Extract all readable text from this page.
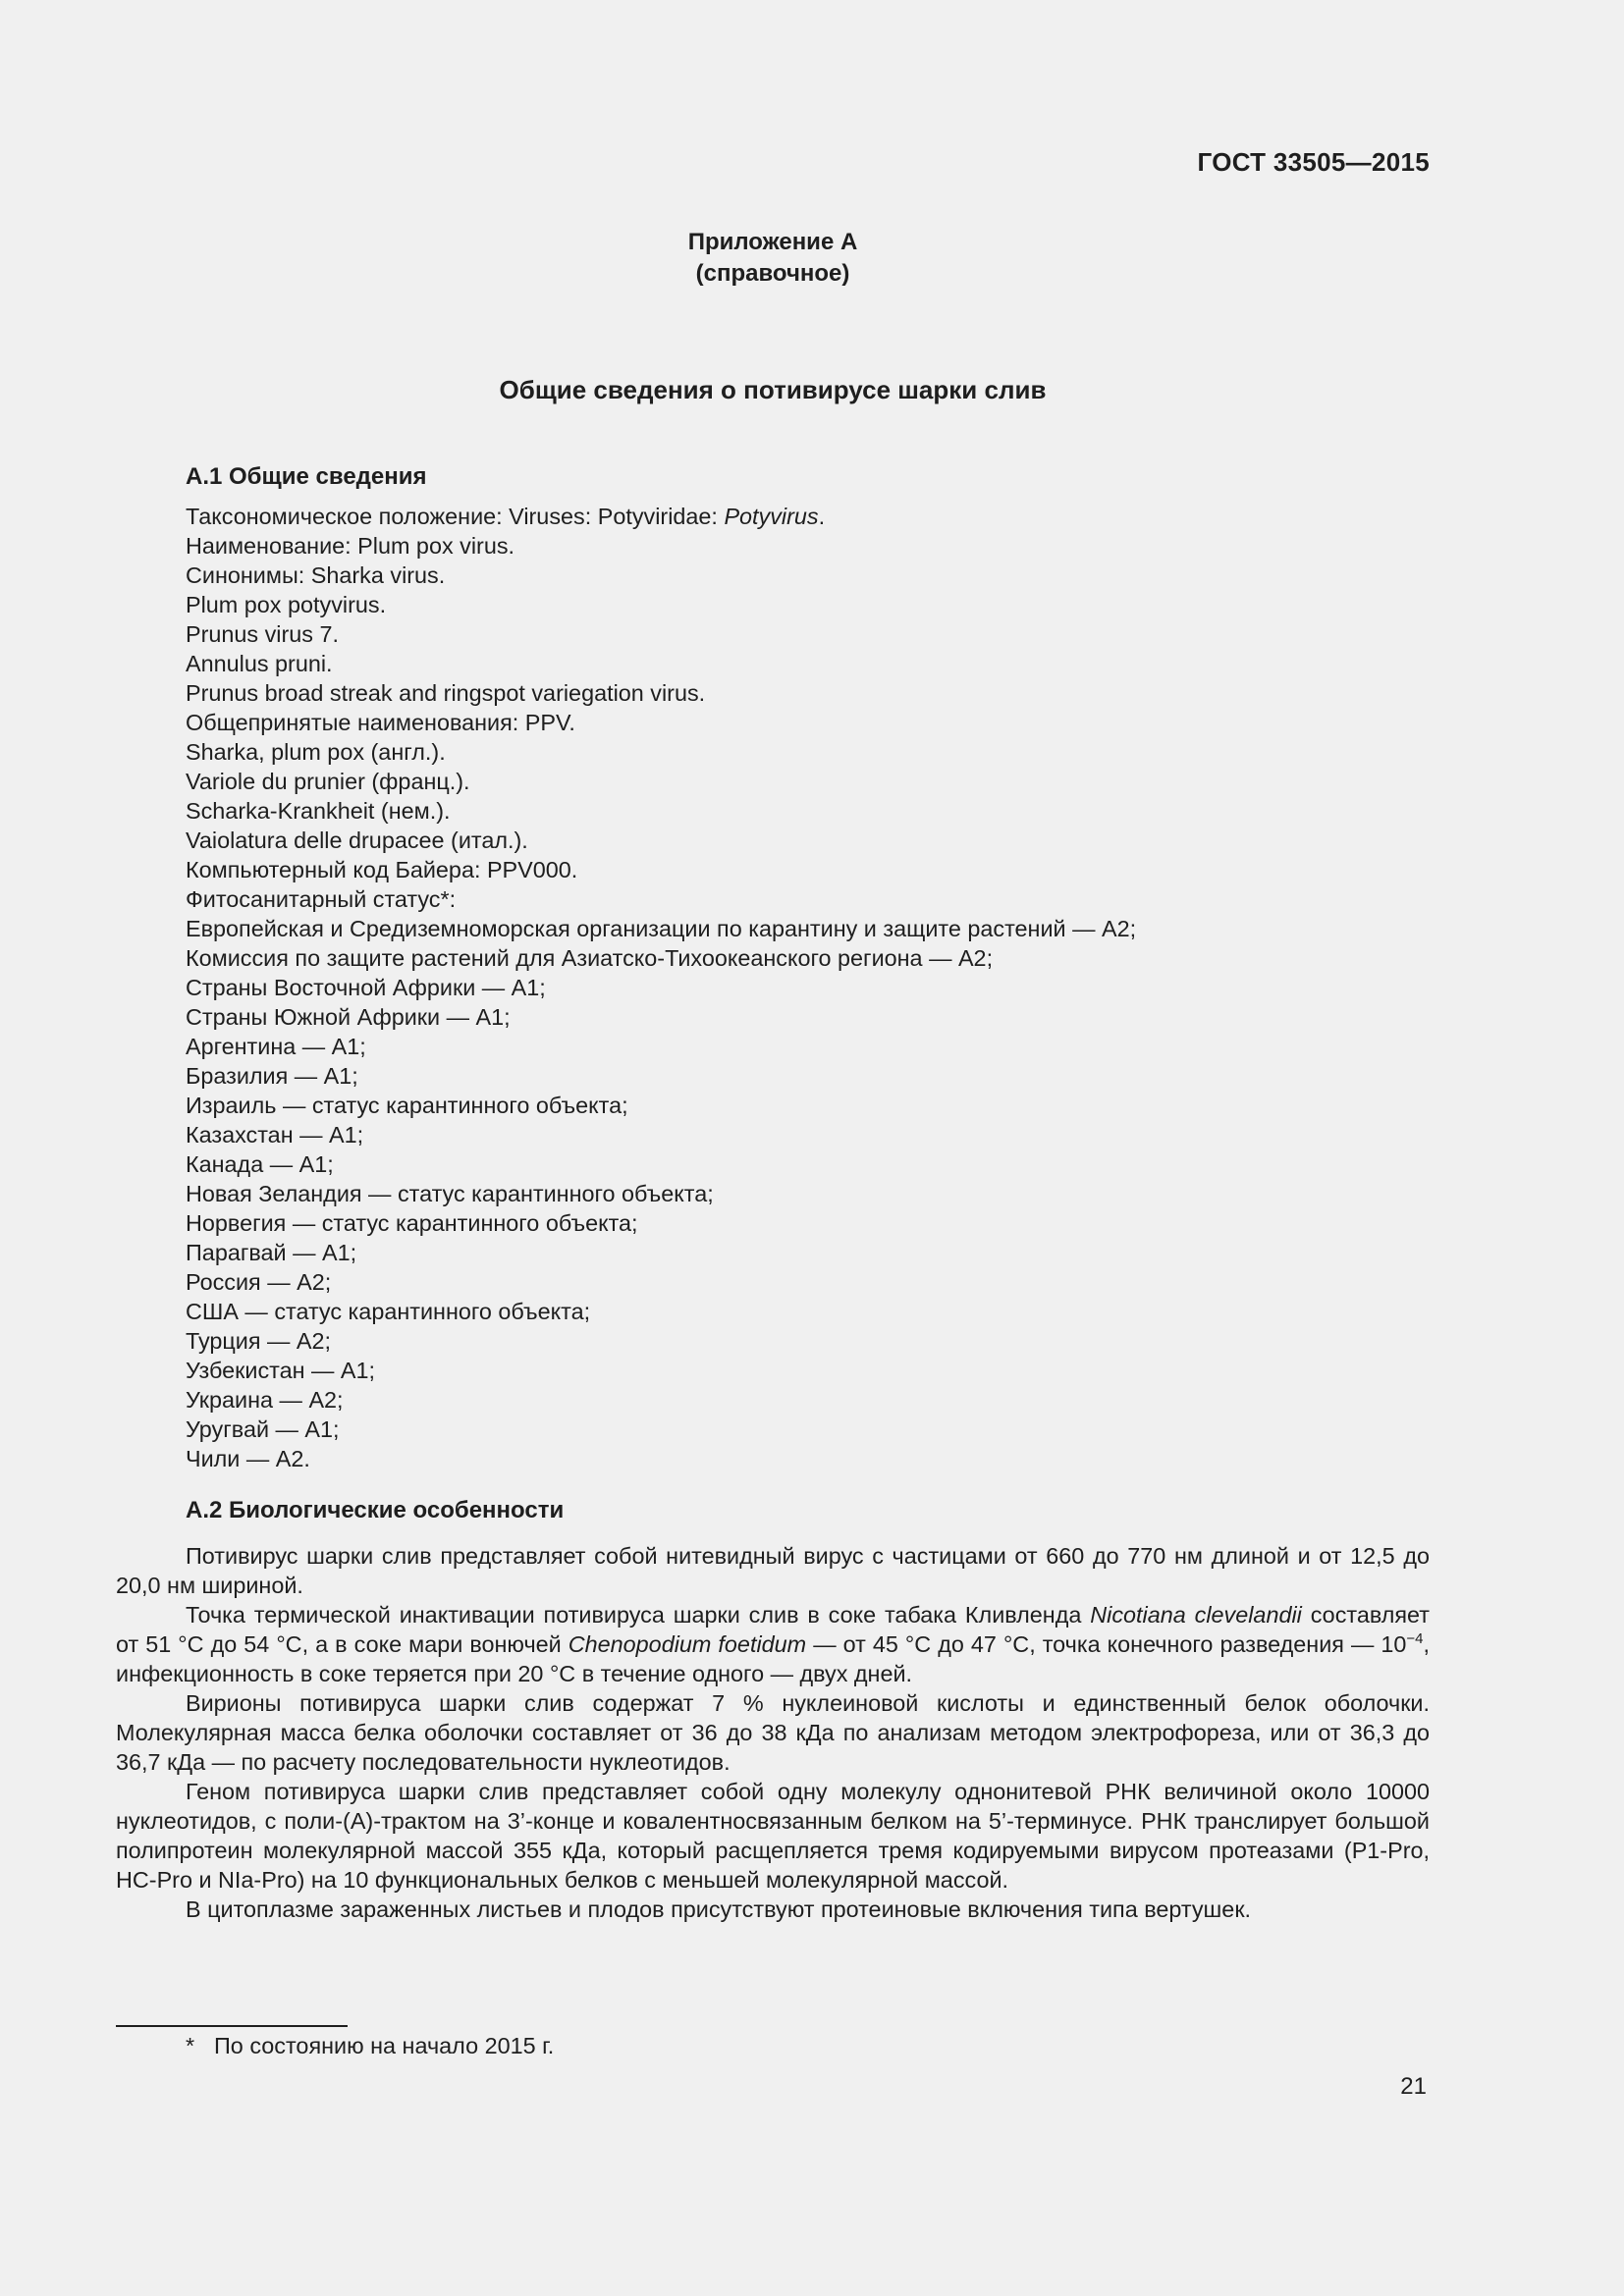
ГОСТ 33505—2015
Приложение А
(справочное)
Общие сведения о потивирусе шарки слив
А.1 Общие сведения
Таксономическое положение: Viruses: Potyviridae: Potyvirus.
Наименование: Plum pox virus.
Синонимы: Sharka virus.
Plum pox potyvirus.
Prunus virus 7.
Annulus pruni.
Prunus broad streak and ringspot variegation virus.
Общепринятые наименования: PPV.
Sharka, plum pox (англ.).
Variole du prunier (франц.).
Scharka-Krankheit (нем.).
Vaiolatura delle drupacee (итал.).
Компьютерный код Байера: PPV000.
Фитосанитарный статус*:
Европейская и Средиземноморская организации по карантину и защите растений — А2;
Комиссия по защите растений для Азиатско-Тихоокеанского региона — А2;
Страны Восточной Африки — А1;
Страны Южной Африки — А1;
Аргентина — А1;
Бразилия — А1;
Израиль — статус карантинного объекта;
Казахстан — А1;
Канада — А1;
Новая Зеландия — статус карантинного объекта;
Норвегия — статус карантинного объекта;
Парагвай — А1;
Россия — А2;
США — статус карантинного объекта;
Турция — А2;
Узбекистан — А1;
Украина — А2;
Уругвай — А1;
Чили — А2.
А.2 Биологические особенности

Потивирус шарки слив представляет собой нитевидный вирус с частицами от 660 до 770 нм длиной и от 12,5 до 20,0 нм шириной.

Точка термической инактивации потивируса шарки слив в соке табака Кливленда Nicotiana clevelandii составляет от 51 °С до 54 °С, а в соке мари вонючей Chenopodium foetidum — от 45 °С до 47 °С, точка конечного разведения — $10^{-4}$, инфекционность в соке теряется при 20 °С в течение одного — двух дней.

Вирионы потивируса шарки слив содержат 7 % нуклеиновой кислоты и единственный белок оболочки. Молекулярная масса белка оболочки составляет от 36 до 38 кДа по анализам методом электрофореза, или от 36,3 до 36,7 кДа — по расчету последовательности нуклеотидов.

Геном потивируса шарки слив представляет собой одну молекулу однонитевой РНК величиной около 10000 нуклеотидов, с поли-(А)-трактом на 3’-конце и ковалентносвязанным белком на 5’-терминусе. РНК транслирует большой полипротеин молекулярной массой 355 кДа, который расщепляется тремя кодируемыми вирусом протеазами (P1-Pro, HC-Pro и NIa-Pro) на 10 функциональных белков с меньшей молекулярной массой.

В цитоплазме зараженных листьев и плодов присутствуют протеиновые включения типа вертушек.

* По состоянию на начало 2015 г.
21
